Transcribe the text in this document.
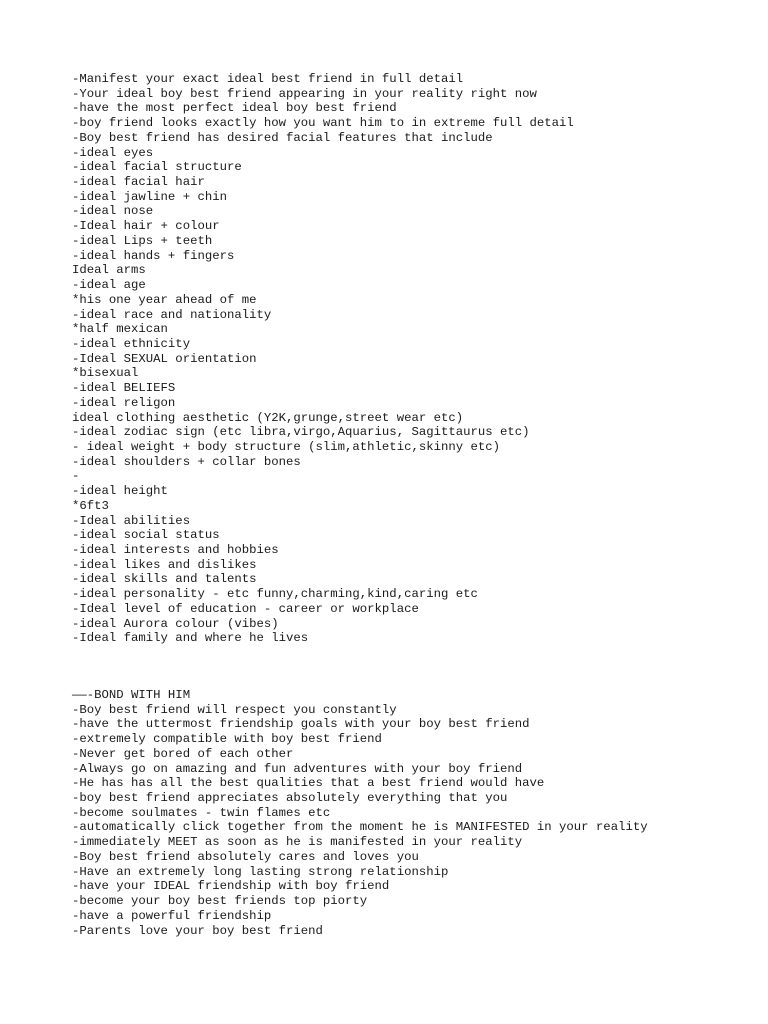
-Manifest your exact ideal best friend in full detail
-Your ideal boy best friend appearing in your reality right now
-have the most perfect ideal boy best friend
-boy friend looks exactly how you want him to in extreme full detail
-Boy best friend has desired facial features that include
-ideal eyes
-ideal facial structure
-ideal facial hair
-ideal jawline + chin
-ideal nose
-Ideal hair + colour
-ideal Lips + teeth
-ideal hands + fingers
Ideal arms
-ideal age
*his one year ahead of me
-ideal race and nationality
*half mexican
-ideal ethnicity
-Ideal SEXUAL orientation
*bisexual
-ideal BELIEFS
-ideal religon
ideal clothing aesthetic (Y2K,grunge,street wear etc)
-ideal zodiac sign (etc libra,virgo,Aquarius, Sagittaurus etc)
- ideal weight + body structure (slim,athletic,skinny etc)
-ideal shoulders + collar bones
-
-ideal height
*6ft3
-Ideal abilities
-ideal social status
-ideal interests and hobbies
-ideal likes and dislikes
-ideal skills and talents
-ideal personality - etc funny,charming,kind,caring etc
-Ideal level of education - career or workplace
-ideal Aurora colour (vibes)
-Ideal family and where he lives
——-BOND WITH HIM
-Boy best friend will respect you constantly
-have the uttermost friendship goals with your boy best friend
-extremely compatible with boy best friend
-Never get bored of each other
-Always go on amazing and fun adventures with your boy friend
-He has has all the best qualities that a best friend would have
-boy best friend appreciates absolutely everything that you
-become soulmates - twin flames etc
-automatically click together from the moment he is MANIFESTED in your reality
-immediately MEET as soon as he is manifested in your reality
-Boy best friend absolutely cares and loves you
-Have an extremely long lasting strong relationship
-have your IDEAL friendship with boy friend
-become your boy best friends top piorty
-have a powerful friendship
-Parents love your boy best friend
